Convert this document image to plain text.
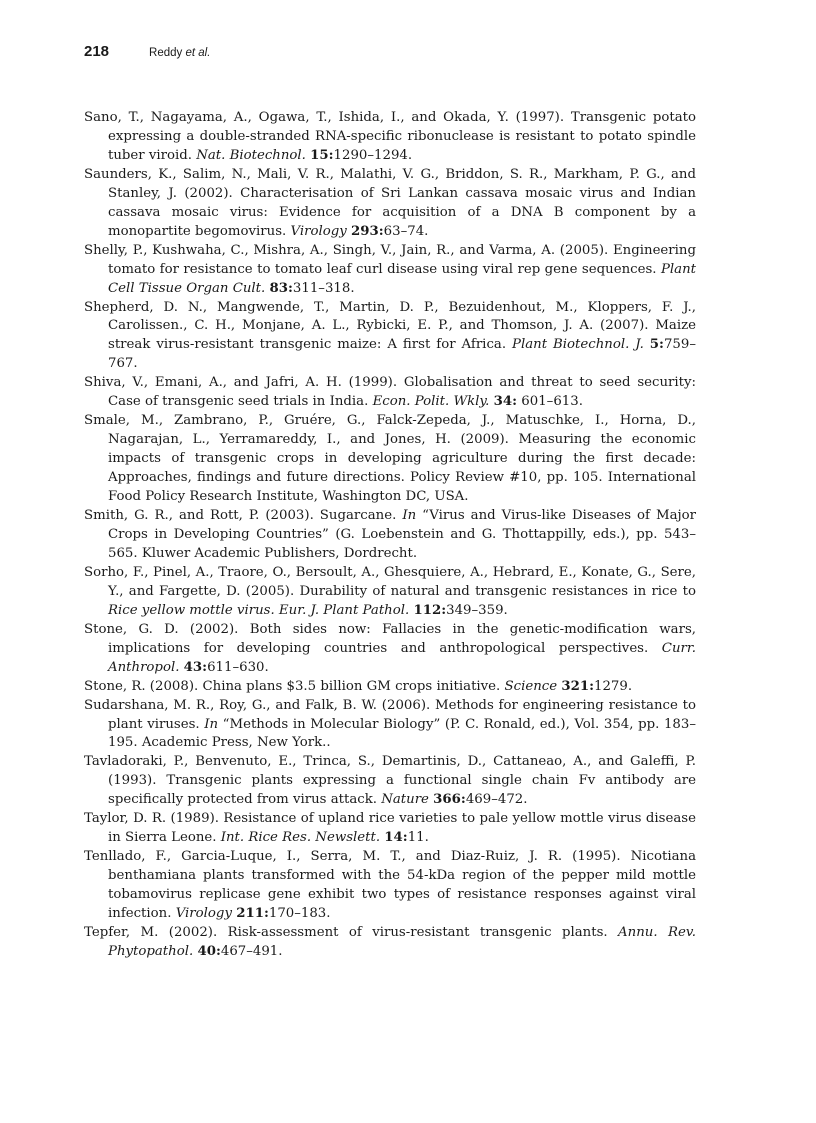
218	Reddy et al.

Sano, T., Nagayama, A., Ogawa, T., Ishida, I., and Okada, Y. (1997). Transgenic potato expressing a double-stranded RNA-specific ribonuclease is resistant to potato spindle tuber viroid. Nat. Biotechnol. 15:1290–1294.

Saunders, K., Salim, N., Mali, V. R., Malathi, V. G., Briddon, S. R., Markham, P. G., and Stanley, J. (2002). Characterisation of Sri Lankan cassava mosaic virus and Indian cassava mosaic virus: Evidence for acquisition of a DNA B component by a monopartite begomovirus. Virology 293:63–74.

Shelly, P., Kushwaha, C., Mishra, A., Singh, V., Jain, R., and Varma, A. (2005). Engineering tomato for resistance to tomato leaf curl disease using viral rep gene sequences. Plant Cell Tissue Organ Cult. 83:311–318.

Shepherd, D. N., Mangwende, T., Martin, D. P., Bezuidenhout, M., Kloppers, F. J., Carolissen., C. H., Monjane, A. L., Rybicki, E. P., and Thomson, J. A. (2007). Maize streak virus-resistant transgenic maize: A first for Africa. Plant Biotechnol. J. 5:759–767.

Shiva, V., Emani, A., and Jafri, A. H. (1999). Globalisation and threat to seed security: Case of transgenic seed trials in India. Econ. Polit. Wkly. 34: 601–613.

Smale, M., Zambrano, P., Gruére, G., Falck-Zepeda, J., Matuschke, I., Horna, D., Nagarajan, L., Yerramareddy, I., and Jones, H. (2009). Measuring the economic impacts of transgenic crops in developing agriculture during the first decade: Approaches, findings and future directions. Policy Review #10, pp. 105. International Food Policy Research Institute, Washington DC, USA.

Smith, G. R., and Rott, P. (2003). Sugarcane. In “Virus and Virus-like Diseases of Major Crops in Developing Countries” (G. Loebenstein and G. Thottappilly, eds.), pp. 543–565. Kluwer Academic Publishers, Dordrecht.

Sorho, F., Pinel, A., Traore, O., Bersoult, A., Ghesquiere, A., Hebrard, E., Konate, G., Sere, Y., and Fargette, D. (2005). Durability of natural and transgenic resistances in rice to Rice yellow mottle virus. Eur. J. Plant Pathol. 112:349–359.

Stone, G. D. (2002). Both sides now: Fallacies in the genetic-modification wars, implications for developing countries and anthropological perspectives. Curr. Anthropol. 43:611–630.

Stone, R. (2008). China plans $3.5 billion GM crops initiative. Science 321:1279.

Sudarshana, M. R., Roy, G., and Falk, B. W. (2006). Methods for engineering resistance to plant viruses. In “Methods in Molecular Biology” (P. C. Ronald, ed.), Vol. 354, pp. 183–195. Academic Press, New York..

Tavladoraki, P., Benvenuto, E., Trinca, S., Demartinis, D., Cattaneao, A., and Galeffi, P. (1993). Transgenic plants expressing a functional single chain Fv antibody are specifically protected from virus attack. Nature 366:469–472.

Taylor, D. R. (1989). Resistance of upland rice varieties to pale yellow mottle virus disease in Sierra Leone. Int. Rice Res. Newslett. 14:11.

Tenllado, F., Garcia-Luque, I., Serra, M. T., and Diaz-Ruiz, J. R. (1995). Nicotiana benthamiana plants transformed with the 54-kDa region of the pepper mild mottle tobamovirus replicase gene exhibit two types of resistance responses against viral infection. Virology 211:170–183.

Tepfer, M. (2002). Risk-assessment of virus-resistant transgenic plants. Annu. Rev. Phytopathol. 40:467–491.
